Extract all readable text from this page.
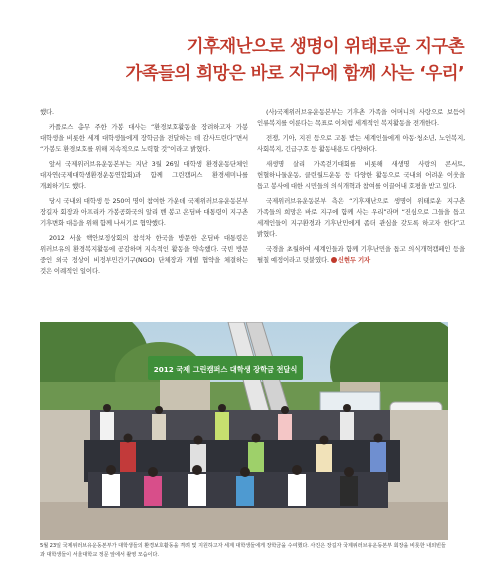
기후재난으로 생명이 위태로운 지구촌
가족들의 희망은 바로 지구에 함께 사는 ‘우리’

했다.

카플로스 총무 주한 가봉 대사는 “환경보호활동을 장려하고자 가봉 대학생을 비롯한 세계 대학생들에게 장학금을 전달하는 데 감사드린다”면서 “가봉도 환경보호를 위해 지속적으로 노력할 것”이라고 밝혔다.

앞서 국제위러브유운동본부는 지난 3월 26일 대학생 환경운동단체인 대자연(국제대학생환경운동연합회)과 함께 그린캠퍼스 환경세미나를 개최하기도 했다.

당시 국내외 대학생 등 250여 명이 참여한 가운데 국제위러브유운동본부 장길자 회장과 아프리카 가봉공화국의 알리 벤 봉고 온딤바 대통령이 지구촌 기후변화 대응을 위해 함께 나서기로 협약했다.

2012 서울 핵안보정상회의 참석차 한국을 방문한 온딤바 대통령은 위러브유의 환경복지활동에 공감하며 지속적인 활동을 약속했다. 국빈 방문 중인 외국 정상이 비정부민간기구(NGO) 단체장과 개별 협약을 체결하는 것은 이례적인 일이다.

(사)국제위러브유운동본부는 기후촌 가족을 어머니의 사랑으로 보듬어 인류복지를 이룬다는 목표로 이처럼 세계적인 복지활동을 전개한다.

전쟁, 기아, 지진 등으로 고통 받는 세계인들에게 아동·청소년, 노인복지, 사회복지, 긴급구호 등 활동내용도 다양하다.

새생명 살리 가족걷기대회를 비롯해 새생명 사랑의 콘서트, 헌혈하나둘운동, 클린월드운동 등 다양한 활동으로 국내외 어려운 이웃을 돕고 봉사에 대한 시민들의 의식개혁과 참여를 이끌어내 호평을 받고 있다.

국제위러브유운동본부 측은 “기후재난으로 생명이 위태로운 지구촌 가족들의 희망은 바로 지구에 함께 사는 우리”라며 “진심으로 그들을 돕고 세계인들이 지구환경과 기후난민에게 좀더 관심을 갖도록 하고자 한다”고 밝혔다.

국경을 초월하여 세계인들과 함께 기후난민을 돕고 의식개혁캠페인 등을 펼칠 예정이라고 덧붙였다. 신현두 기자

2012 국제 그린캠퍼스 대학생 장학금 전달식
5월 23일 국제위러브유운동본부가 대학생들의 환경보호활동을 격려 및 지원하고자 세계 대학생들에게 장학금을 수여했다. 사진은 장길자 국제위러브유운동본부 회장을 비롯한 내외빈들과 대학생들이 서울대학교 정문 앞에서 촬영 모습이다.
